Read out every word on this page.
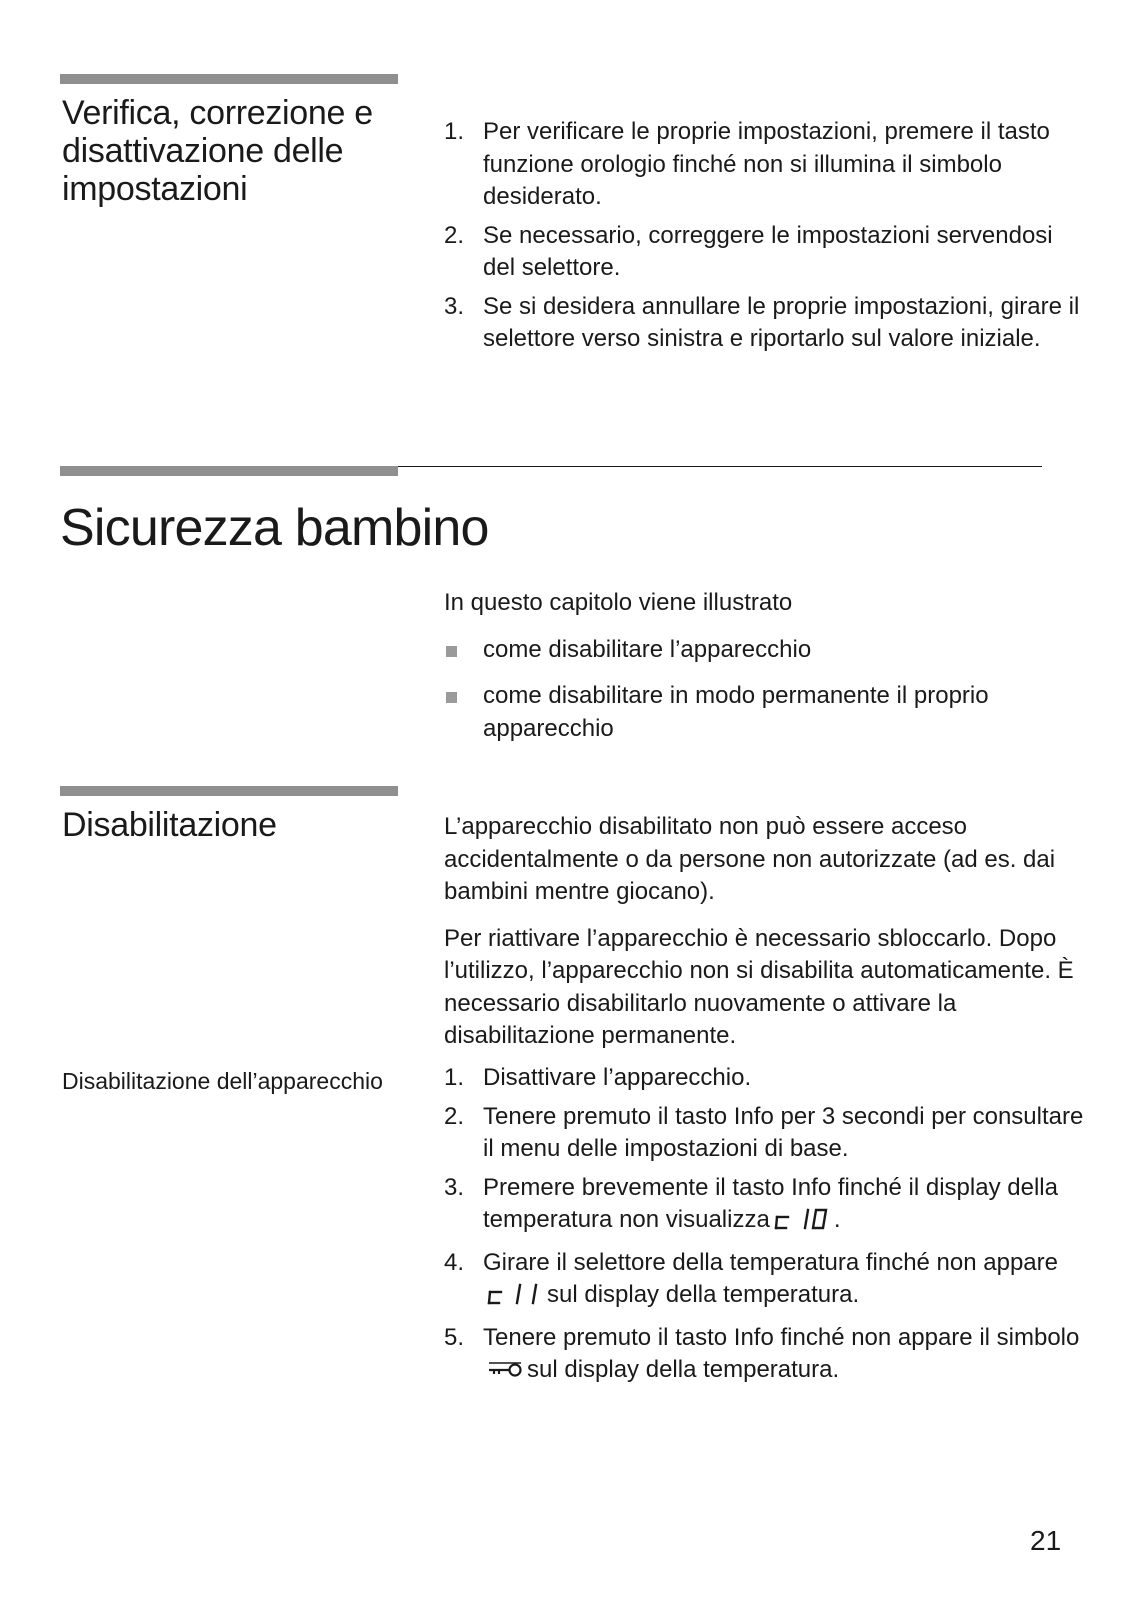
Verifica, correzione e disattivazione delle impostazioni
1. Per verificare le proprie impostazioni, premere il tasto funzione orologio finché non si illumina il simbolo desiderato.
2. Se necessario, correggere le impostazioni servendosi del selettore.
3. Se si desidera annullare le proprie impostazioni, girare il selettore verso sinistra e riportarlo sul valore iniziale.
Sicurezza bambino

In questo capitolo viene illustrato

come disabilitare l’apparecchio
come disabilitare in modo permanente il proprio apparecchio
Disabilitazione	L’apparecchio disabilitato non può essere acceso accidentalmente o da persone non autorizzate (ad es. dai bambini mentre giocano).

Per riattivare l’apparecchio è necessario sbloccarlo. Dopo l’utilizzo, l’apparecchio non si disabilita automaticamente. È necessario disabilitarlo nuovamente o attivare la disabilitazione permanente.

Disabilitazione dell’apparecchio	1. Disattivare l’apparecchio.
2. Tenere premuto il tasto Info per 3 secondi per consultare il menu delle impostazioni di base.
3. Premere brevemente il tasto Info finché il display della temperatura non visualizza	.
4. Girare il selettore della temperatura finché non apparesul display della temperatura.
5. Tenere premuto il tasto Info finché non appare il simbolosul display della temperatura.
21
